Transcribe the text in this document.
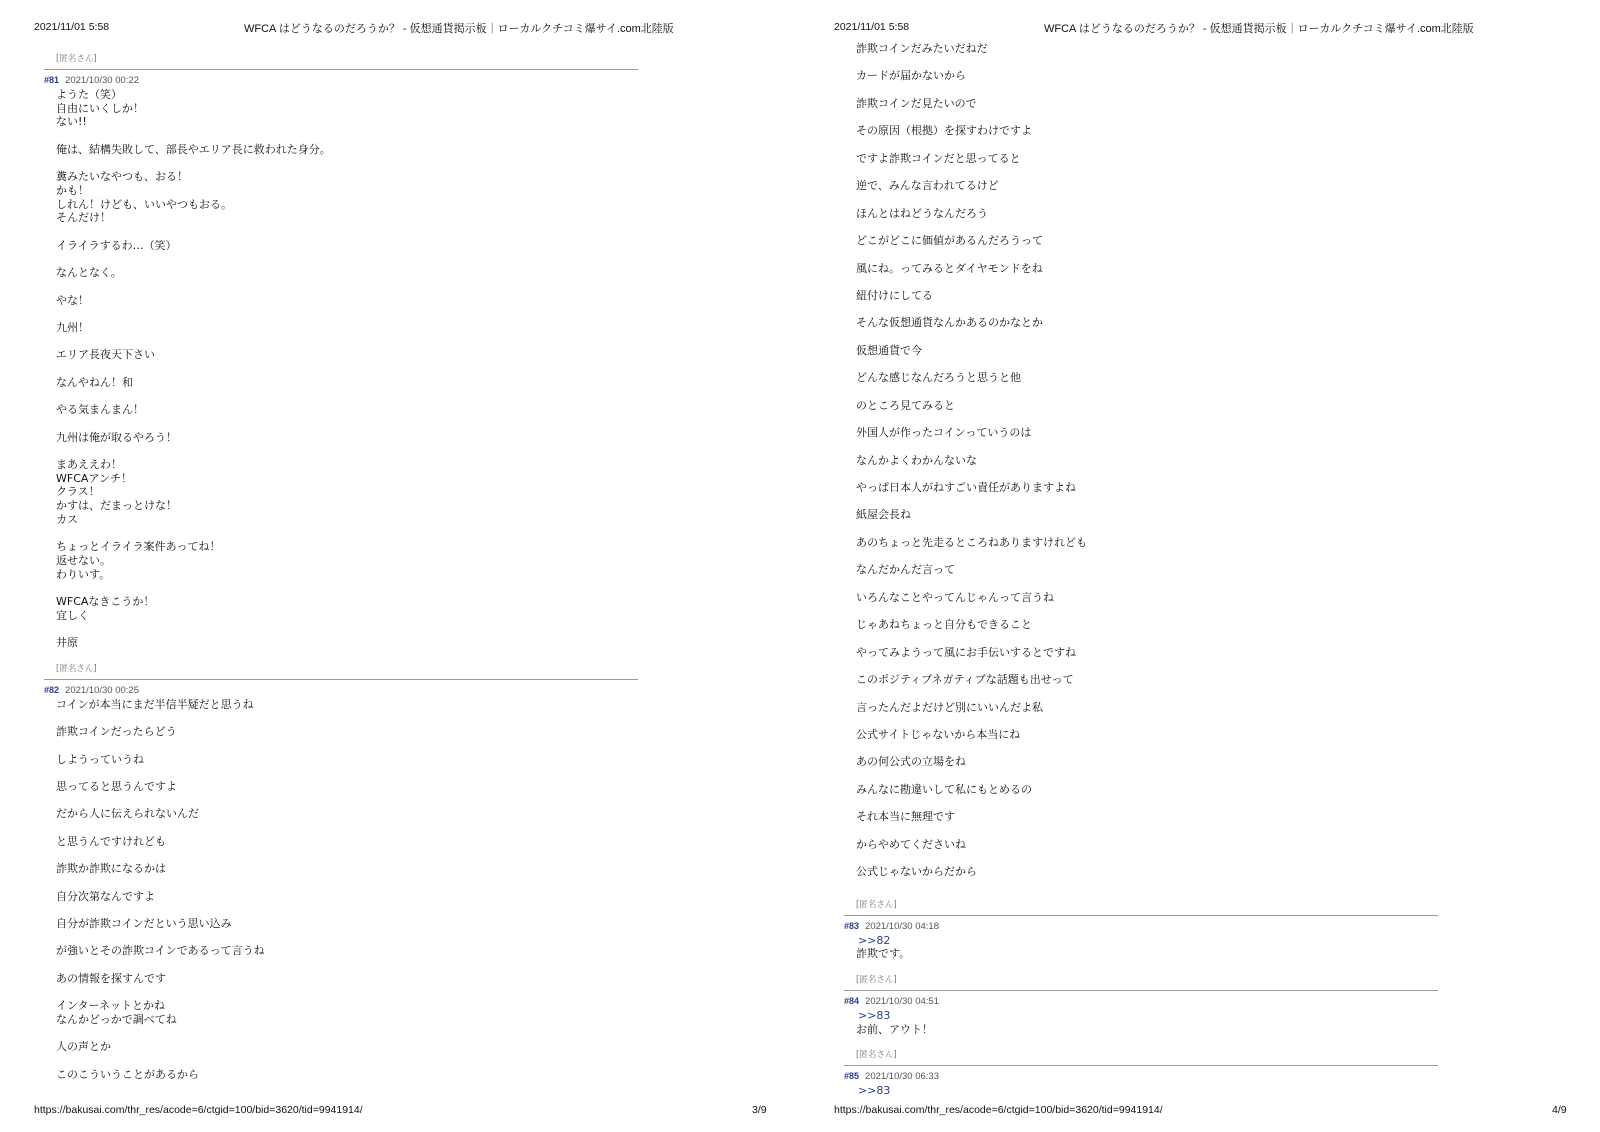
2021/11/01 5:58	WFCA はどうなるのだろうか？ - 仮想通貨掲示板｜ローカルクチコミ爆サイ.com北陸版
[匿名さん]
#81 2021/10/30 00:22
ようた（笑）
自由にいくしか！
ない!!

俺は、結構失敗して、部長やエリア長に救われた身分。

糞みたいなやつも、おる！
かも！
しれん！けども、いいやつもおる。
そんだけ！

イライラするわ…（笑）

なんとなく。

やな！

九州！

エリア長夜天下さい

なんやねん！和

やる気まんまん！

九州は俺が取るやろう！

まあええわ！
WFCAアンチ！
クラス！
かすは、だまっとけな！
カス

ちょっとイライラ案件あってね！
返せない。
わりいす。

WFCAなきこうか！
宜しく

井原
[匿名さん]
#82 2021/10/30 00:25
コインが本当にまだ半信半疑だと思うね

詐欺コインだったらどう

しようっていうね

思ってると思うんですよ

だから人に伝えられないんだ

と思うんですけれども

詐欺か詐欺になるかは

自分次第なんですよ

自分が詐欺コインだという思い込み

が強いとその詐欺コインであるって言うね

あの情報を探すんです

インターネットとかね
なんかどっかで調べてね

人の声とか

このこういうことがあるから
https://bakusai.com/thr_res/acode=6/ctgid=100/bid=3620/tid=9941914/	3/9
2021/11/01 5:58	WFCA はどうなるのだろうか？ - 仮想通貨掲示板｜ローカルクチコミ爆サイ.com北陸版
詐欺コインだみたいだねだ
カードが届かないから
詐欺コインだ見たいので
その原因（根拠）を探すわけですよ
ですよ詐欺コインだと思ってると
逆で、みんな言われてるけど
ほんとはねどうなんだろう
どこがどこに価値があるんだろうって
風にね。ってみるとダイヤモンドをね
紐付けにしてる
そんな仮想通貨なんかあるのかなとか
仮想通貨で今
どんな感じなんだろうと思うと他
のところ見てみると
外国人が作ったコインっていうのは
なんかよくわかんないな
やっぱ日本人がねすごい責任がありますよね
紙屋会長ね
あのちょっと先走るところねありますけれども
なんだかんだ言って
いろんなことやってんじゃんって言うね
じゃあねちょっと自分もできること
やってみようって風にお手伝いするとですね
このポジティブネガティブな話題も出せって
言ったんだよだけど別にいいんだよ私
公式サイトじゃないから本当にね
あの何公式の立場をね
みんなに勘違いして私にもとめるの
それ本当に無理です
からやめてくださいね
公式じゃないからだから
[匿名さん]
#83 2021/10/30 04:18
>>82
詐欺です。
[匿名さん]
#84 2021/10/30 04:51
>>83
お前、アウト！
[匿名さん]
#85 2021/10/30 06:33
>>83
https://bakusai.com/thr_res/acode=6/ctgid=100/bid=3620/tid=9941914/	4/9
